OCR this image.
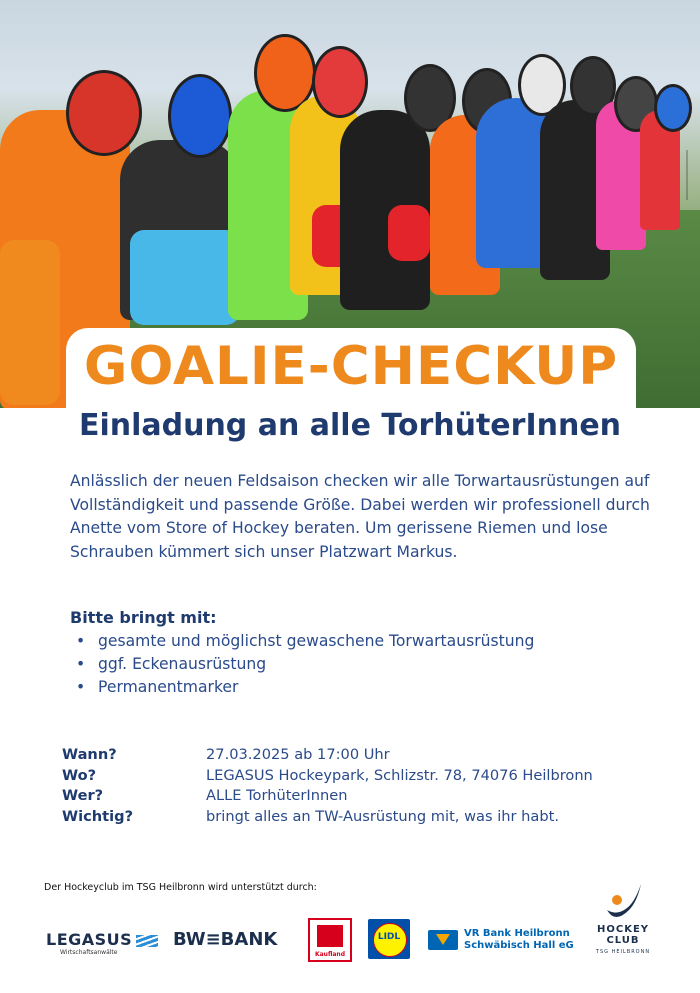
GOALIE-CHECKUP
Einladung an alle TorhüterInnen
Anlässlich der neuen Feldsaison checken wir alle Torwartausrüstungen auf Vollständigkeit und passende Größe. Dabei werden wir professionell durch Anette vom Store of Hockey beraten. Um gerissene Riemen und lose Schrauben kümmert sich unser Platzwart Markus.
Bitte bringt mit:
• gesamte und möglichst gewaschene Torwartausrüstung
• ggf. Eckenausrüstung
• Permanentmarker
Wann?	27.03.2025 ab 17:00 Uhr
Wo?	LEGASUS Hockeypark, Schlizstr. 78, 74076 Heilbronn
Wer?	ALLE TorhüterInnen
Wichtig?	bringt alles an TW-Ausrüstung mit, was ihr habt.
Der Hockeyclub im TSG Heilbronn wird unterstützt durch:
LEGASUS
Wirtschaftsanwälte
BW≡BANK
Kaufland
LIDL	VR Bank Heilbronn
Schwäbisch Hall eG
HOCKEY
CLUB
TSG HEILBRONN
